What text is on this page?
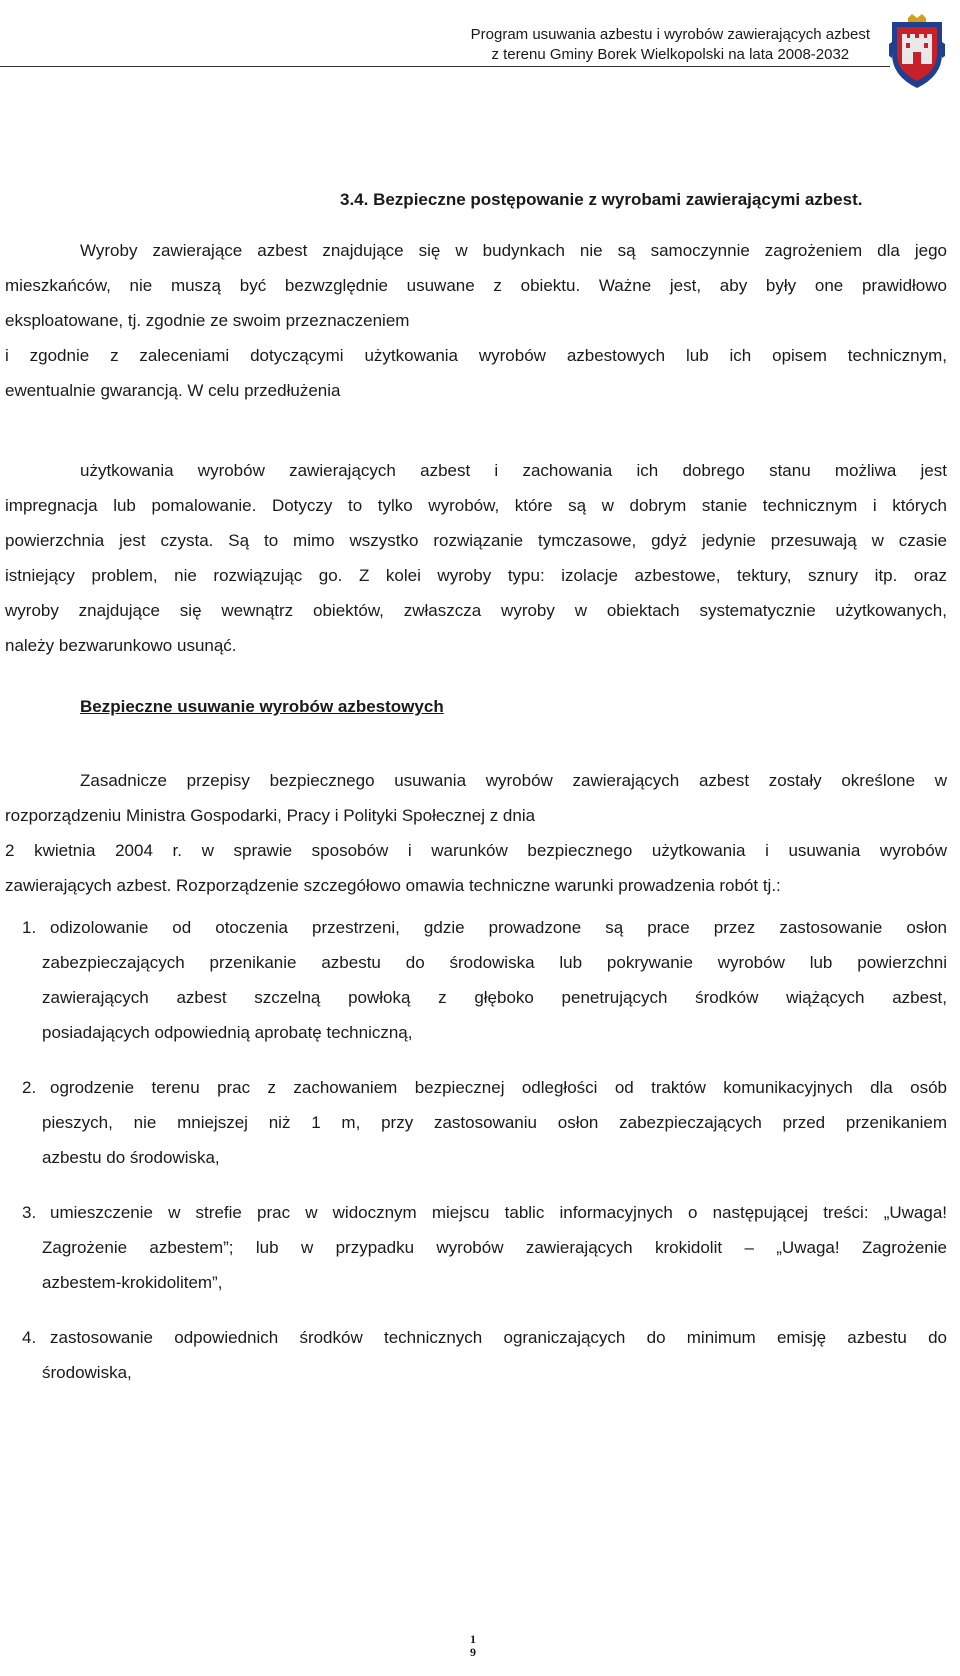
Program usuwania azbestu i wyrobów zawierających azbest
z terenu Gminy Borek Wielkopolski na lata 2008-2032
3.4. Bezpieczne postępowanie z wyrobami zawierającymi azbest.

Wyroby zawierające azbest znajdujące się w budynkach nie są samoczynnie zagrożeniem dla jego
mieszkańców, nie muszą być bezwzględnie usuwane z obiektu. Ważne jest, aby były one prawidłowo
eksploatowane, tj. zgodnie ze swoim przeznaczeniem
i zgodnie z zaleceniami dotyczącymi użytkowania wyrobów azbestowych lub ich opisem technicznym,
ewentualnie gwarancją. W celu przedłużenia

użytkowania wyrobów zawierających azbest i zachowania ich dobrego stanu możliwa jest
impregnacja lub pomalowanie. Dotyczy to tylko wyrobów, które są w dobrym stanie technicznym i których
powierzchnia jest czysta. Są to mimo wszystko rozwiązanie tymczasowe, gdyż jedynie przesuwają w czasie
istniejący problem, nie rozwiązując go. Z kolei wyroby typu: izolacje azbestowe, tektury, sznury itp. oraz
wyroby znajdujące się wewnątrz obiektów, zwłaszcza wyroby w obiektach systematycznie użytkowanych,
należy bezwarunkowo usunąć.

Bezpieczne usuwanie wyrobów azbestowych

Zasadnicze przepisy bezpiecznego usuwania wyrobów zawierających azbest zostały określone w
rozporządzeniu Ministra Gospodarki, Pracy i Polityki Społecznej z dnia
2 kwietnia 2004 r. w sprawie sposobów i warunków bezpiecznego użytkowania i usuwania wyrobów
zawierających azbest. Rozporządzenie szczegółowo omawia techniczne warunki prowadzenia robót tj.:

1. odizolowanie od otoczenia przestrzeni, gdzie prowadzone są prace przez zastosowanie osłon
zabezpieczających przenikanie azbestu do środowiska lub pokrywanie wyrobów lub powierzchni
zawierających azbest szczelną powłoką z głęboko penetrujących środków wiążących azbest,
posiadających odpowiednią aprobatę techniczną,
2. ogrodzenie terenu prac z zachowaniem bezpiecznej odległości od traktów komunikacyjnych dla osób
pieszych, nie mniejszej niż 1 m, przy zastosowaniu osłon zabezpieczających przed przenikaniem
azbestu do środowiska,
3. umieszczenie w strefie prac w widocznym miejscu tablic informacyjnych o następującej treści: „Uwaga!
Zagrożenie azbestem”; lub w przypadku wyrobów zawierających krokidolit – „Uwaga! Zagrożenie
azbestem-krokidolitem”,
4. zastosowanie odpowiednich środków technicznych ograniczających do minimum emisję azbestu do
środowiska,
1
9
